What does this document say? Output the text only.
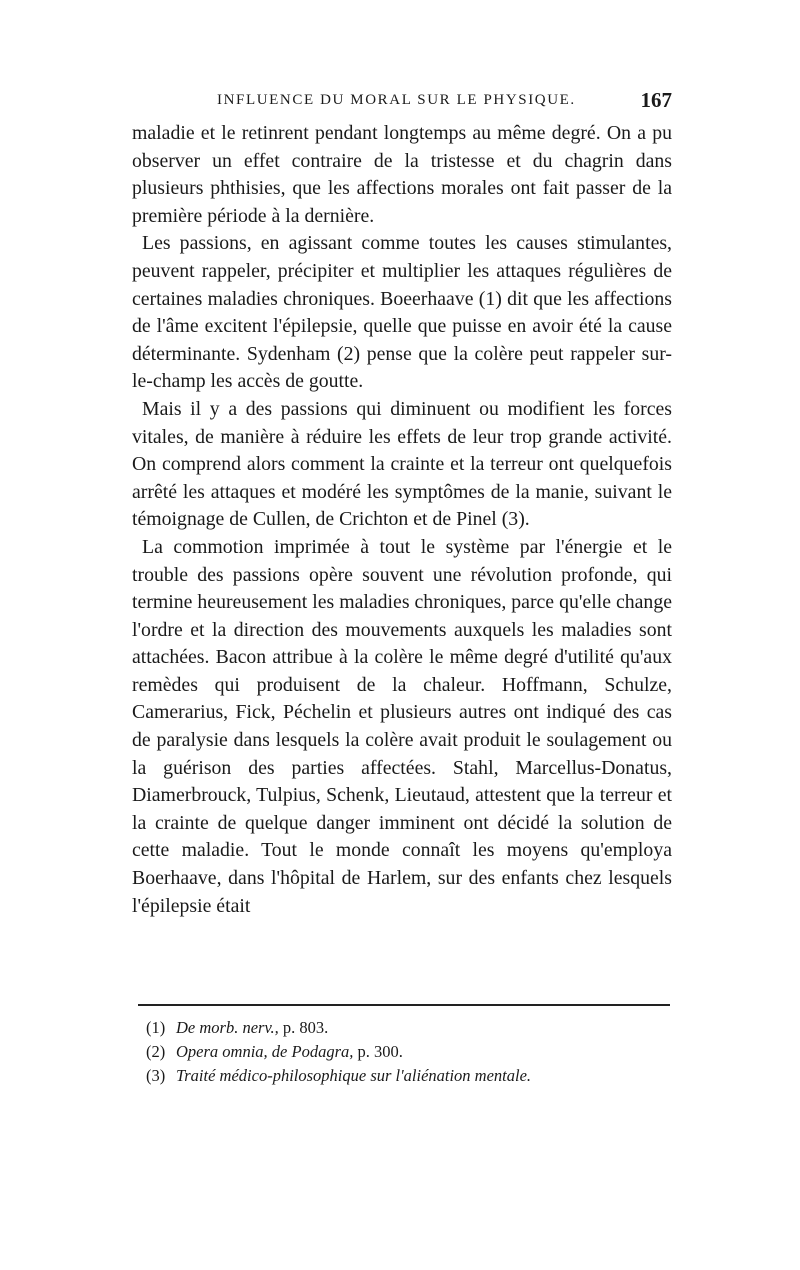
INFLUENCE DU MORAL SUR LE PHYSIQUE.	167

maladie et le retinrent pendant longtemps au même degré. On a pu observer un effet contraire de la tristesse et du chagrin dans plusieurs phthisies, que les affections morales ont fait passer de la première période à la dernière.

Les passions, en agissant comme toutes les causes stimulantes, peuvent rappeler, précipiter et multiplier les attaques régulières de certaines maladies chroniques. Boeerhaave (1) dit que les affections de l'âme excitent l'épilepsie, quelle que puisse en avoir été la cause déterminante. Sydenham (2) pense que la colère peut rappeler sur-le-champ les accès de goutte.

Mais il y a des passions qui diminuent ou modifient les forces vitales, de manière à réduire les effets de leur trop grande activité. On comprend alors comment la crainte et la terreur ont quelquefois arrêté les attaques et modéré les symptômes de la manie, suivant le témoignage de Cullen, de Crichton et de Pinel (3).

La commotion imprimée à tout le système par l'énergie et le trouble des passions opère souvent une révolution profonde, qui termine heureusement les maladies chroniques, parce qu'elle change l'ordre et la direction des mouvements auxquels les maladies sont attachées. Bacon attribue à la colère le même degré d'utilité qu'aux remèdes qui produisent de la chaleur. Hoffmann, Schulze, Camerarius, Fick, Péchelin et plusieurs autres ont indiqué des cas de paralysie dans lesquels la colère avait produit le soulagement ou la guérison des parties affectées. Stahl, Marcellus-Donatus, Diamerbrouck, Tulpius, Schenk, Lieutaud, attestent que la terreur et la crainte de quelque danger imminent ont décidé la solution de cette maladie. Tout le monde connaît les moyens qu'employa Boerhaave, dans l'hôpital de Harlem, sur des enfants chez lesquels l'épilepsie était

(1) De morb. nerv., p. 803.
(2) Opera omnia, de Podagra, p. 300.
(3) Traité médico-philosophique sur l'aliénation mentale.
